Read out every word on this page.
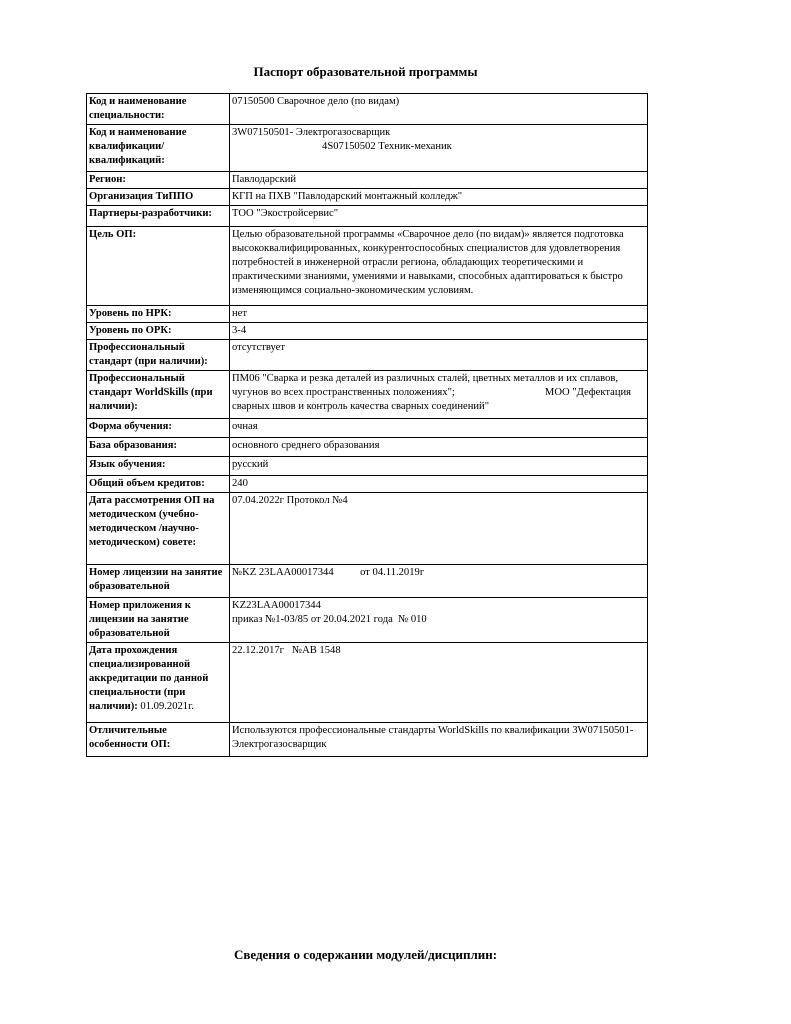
Паспорт образовательной программы
Код и наименование специальности:	07150500 Сварочное дело (по видам)
Код и наименование квалификации/ квалификаций:	3W07150501- Электрогазосварщик
4S07150502 Техник-механик
Регион:	Павлодарский
Организация ТиППО	КГП на ПХВ "Павлодарский монтажный колледж"
Партнеры-разработчики:	ТОО "Экостройсервис"
Цель ОП:	Целью образовательной программы «Сварочное дело (по видам)» является подготовка высококвалифицированных, конкурентоспособных специалистов для удовлетворения потребностей в инженерной отрасли региона, обладающих теоретическими и практическими знаниями, умениями и навыками, способных адаптироваться к быстро изменяющимся социально-экономическим условиям.
Уровень по НРК:	нет
Уровень по ОРК:	3-4
Профессиональный стандарт (при наличии):	отсутствует
Профессиональный стандарт WorldSkills (при наличии):	ПМ06 "Сварка и резка деталей из различных сталей, цветных металлов и их сплавов, чугунов во всех пространственных положениях";                                  МОО "Дефектация сварных швов и контроль качества сварных соединений"
Форма обучения:	очная
База образования:	основного среднего образования
Язык обучения:	русский
Общий объем кредитов:	240
Дата рассмотрения ОП на методическом (учебно-методическом /научно-методическом) совете:	07.04.2022г Протокол №4
Номер лицензии на занятие образовательной	№KZ 23LAA00017344          от 04.11.2019г
Номер приложения к лицензии на занятие образовательной	KZ23LAA00017344
приказ №1-03/85 от 20.04.2021 года  № 010
Дата прохождения специализированной аккредитации по данной специальности (при наличии): 01.09.2021г.	22.12.2017г   №АВ 1548
Отличительные особенности ОП:	Используются профессиональные стандарты WorldSkills по квалификации 3W07150501- Электрогазосварщик
Сведения о содержании модулей/дисциплин:
